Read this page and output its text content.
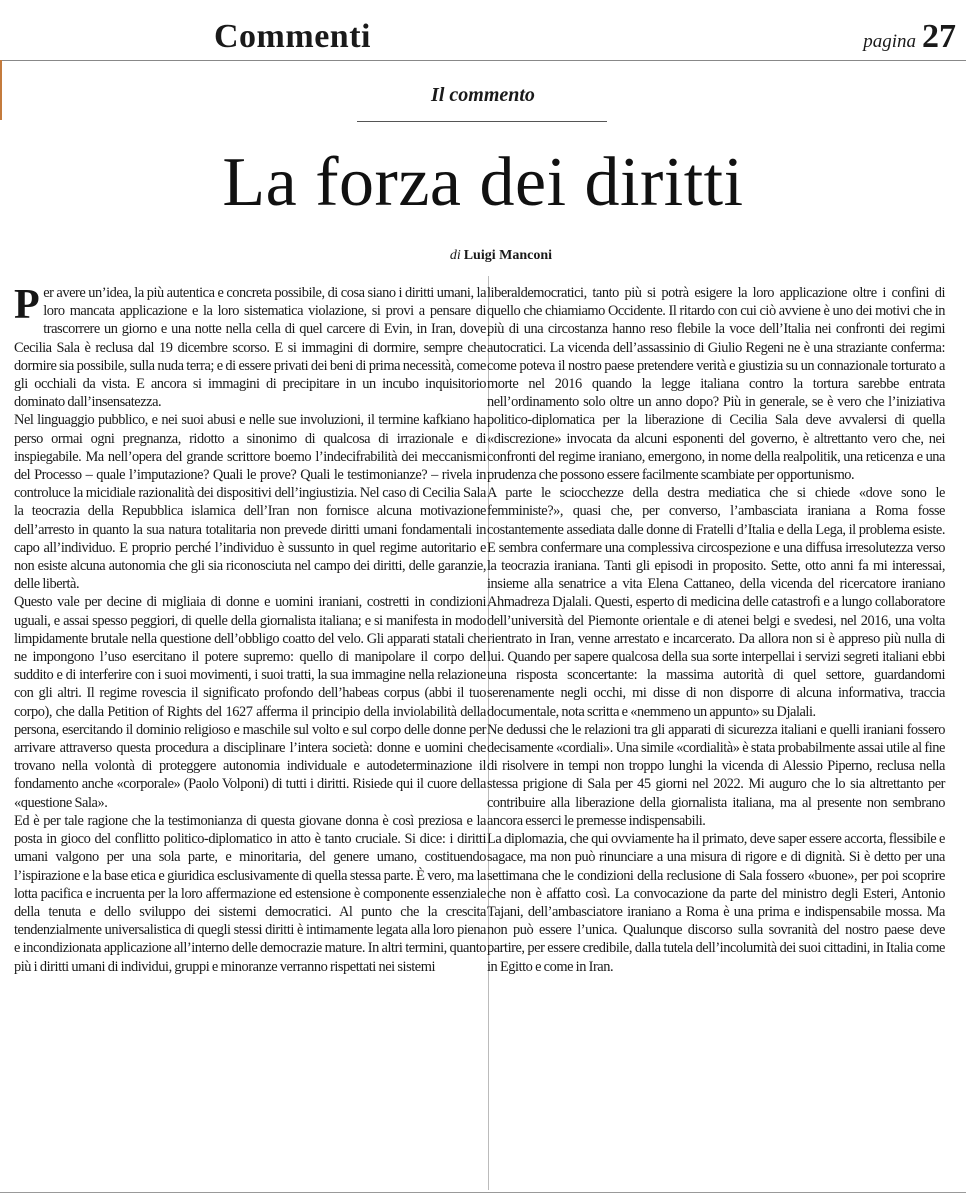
Commenti	pagina 27
Il commento
La forza dei diritti
di Luigi Manconi

Per avere un’idea, la più autentica e concreta possibile, di cosa siano i diritti umani, la loro mancata applicazione e la loro sistematica violazione, si provi a pensare di trascorrere un giorno e una notte nella cella di quel carcere di Evin, in Iran, dove Cecilia Sala è reclusa dal 19 dicembre scorso. E si immagini di dormire, sempre che dormire sia possibile, sulla nuda terra; e di essere privati dei beni di prima necessità, come gli occhiali da vista. E ancora si immagini di precipitare in un incubo inquisitorio dominato dall’insensatezza.

Nel linguaggio pubblico, e nei suoi abusi e nelle sue involuzioni, il termine kafkiano ha perso ormai ogni pregnanza, ridotto a sinonimo di qualcosa di irrazionale e di inspiegabile. Ma nell’opera del grande scrittore boemo l’indecifrabilità dei meccanismi del Processo – quale l’imputazione? Quali le prove? Quali le testimonianze? – rivela in controluce la micidiale razionalità dei dispositivi dell’ingiustizia. Nel caso di Cecilia Sala la teocrazia della Repubblica islamica dell’Iran non fornisce alcuna motivazione dell’arresto in quanto la sua natura totalitaria non prevede diritti umani fondamentali in capo all’individuo. E proprio perché l’individuo è sussunto in quel regime autoritario e non esiste alcuna autonomia che gli sia riconosciuta nel campo dei diritti, delle garanzie, delle libertà.

Questo vale per decine di migliaia di donne e uomini iraniani, costretti in condizioni uguali, e assai spesso peggiori, di quelle della giornalista italiana; e si manifesta in modo limpidamente brutale nella questione dell’obbligo coatto del velo. Gli apparati statali che ne impongono l’uso esercitano il potere supremo: quello di manipolare il corpo del suddito e di interferire con i suoi movimenti, i suoi tratti, la sua immagine nella relazione con gli altri. Il regime rovescia il significato profondo dell’habeas corpus (abbi il tuo corpo), che dalla Petition of Rights del 1627 afferma il principio della inviolabilità della persona, esercitando il dominio religioso e maschile sul volto e sul corpo delle donne per arrivare attraverso questa procedura a disciplinare l’intera società: donne e uomini che trovano nella volontà di proteggere autonomia individuale e autodeterminazione il fondamento anche «corporale» (Paolo Volponi) di tutti i diritti. Risiede qui il cuore della «questione Sala».

Ed è per tale ragione che la testimonianza di questa giovane donna è così preziosa e la posta in gioco del conflitto politico-diplomatico in atto è tanto cruciale. Si dice: i diritti umani valgono per una sola parte, e minoritaria, del genere umano, costituendo l’ispirazione e la base etica e giuridica esclusivamente di quella stessa parte. È vero, ma la lotta pacifica e incruenta per la loro affermazione ed estensione è componente essenziale della tenuta e dello sviluppo dei sistemi democratici. Al punto che la crescita tendenzialmente universalistica di quegli stessi diritti è intimamente legata alla loro piena e incondizionata applicazione all’interno delle democrazie mature. In altri termini, quanto più i diritti umani di individui, gruppi e minoranze verranno rispettati nei sistemi

liberaldemocratici, tanto più si potrà esigere la loro applicazione oltre i confini di quello che chiamiamo Occidente. Il ritardo con cui ciò avviene è uno dei motivi che in più di una circostanza hanno reso flebile la voce dell’Italia nei confronti dei regimi autocratici. La vicenda dell’assassinio di Giulio Regeni ne è una straziante conferma: come poteva il nostro paese pretendere verità e giustizia su un connazionale torturato a morte nel 2016 quando la legge italiana contro la tortura sarebbe entrata nell’ordinamento solo oltre un anno dopo? Più in generale, se è vero che l’iniziativa politico-diplomatica per la liberazione di Cecilia Sala deve avvalersi di quella «discrezione» invocata da alcuni esponenti del governo, è altrettanto vero che, nei confronti del regime iraniano, emergono, in nome della realpolitik, una reticenza e una prudenza che possono essere facilmente scambiate per opportunismo.

A parte le sciocchezze della destra mediatica che si chiede «dove sono le femministe?», quasi che, per converso, l’ambasciata iraniana a Roma fosse costantemente assediata dalle donne di Fratelli d’Italia e della Lega, il problema esiste. E sembra confermare una complessiva circospezione e una diffusa irresolutezza verso la teocrazia iraniana. Tanti gli episodi in proposito. Sette, otto anni fa mi interessai, insieme alla senatrice a vita Elena Cattaneo, della vicenda del ricercatore iraniano Ahmadreza Djalali. Questi, esperto di medicina delle catastrofi e a lungo collaboratore dell’università del Piemonte orientale e di atenei belgi e svedesi, nel 2016, una volta rientrato in Iran, venne arrestato e incarcerato. Da allora non si è appreso più nulla di lui. Quando per sapere qualcosa della sua sorte interpellai i servizi segreti italiani ebbi una risposta sconcertante: la massima autorità di quel settore, guardandomi serenamente negli occhi, mi disse di non disporre di alcuna informativa, traccia documentale, nota scritta e «nemmeno un appunto» su Djalali.

Ne dedussi che le relazioni tra gli apparati di sicurezza italiani e quelli iraniani fossero decisamente «cordiali». Una simile «cordialità» è stata probabilmente assai utile al fine di risolvere in tempi non troppo lunghi la vicenda di Alessio Piperno, reclusa nella stessa prigione di Sala per 45 giorni nel 2022. Mi auguro che lo sia altrettanto per contribuire alla liberazione della giornalista italiana, ma al presente non sembrano ancora esserci le premesse indispensabili.

La diplomazia, che qui ovviamente ha il primato, deve saper essere accorta, flessibile e sagace, ma non può rinunciare a una misura di rigore e di dignità. Si è detto per una settimana che le condizioni della reclusione di Sala fossero «buone», per poi scoprire che non è affatto così. La convocazione da parte del ministro degli Esteri, Antonio Tajani, dell’ambasciatore iraniano a Roma è una prima e indispensabile mossa. Ma non può essere l’unica. Qualunque discorso sulla sovranità del nostro paese deve partire, per essere credibile, dalla tutela dell’incolumità dei suoi cittadini, in Italia come in Egitto e come in Iran.
